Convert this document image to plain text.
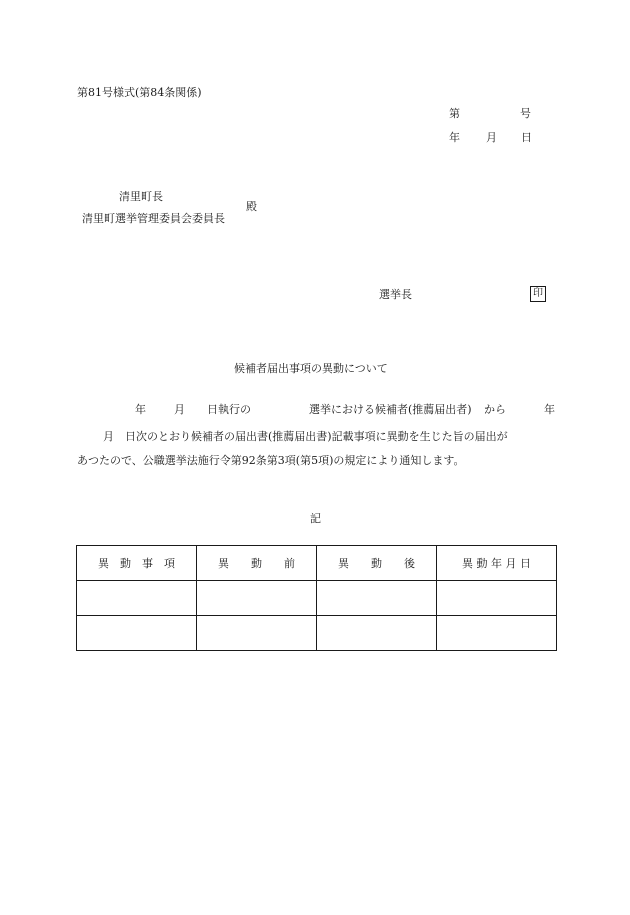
第81号様式(第84条関係)
第	号
年 月 日
清里町長
清里町選挙管理委員会委員長
殿
選挙長	印
候補者届出事項の異動について
年	月 日執行の	選挙における候補者(推薦届出者) から	年
月 日次のとおり候補者の届出書(推薦届出書)記載事項に異動を生じた旨の届出が
あつたので、公職選挙法施行令第92条第3項(第5項)の規定により通知します。
記
異　動　事　項	異　　動　　前	異　　動　　後	異 動 年 月 日
